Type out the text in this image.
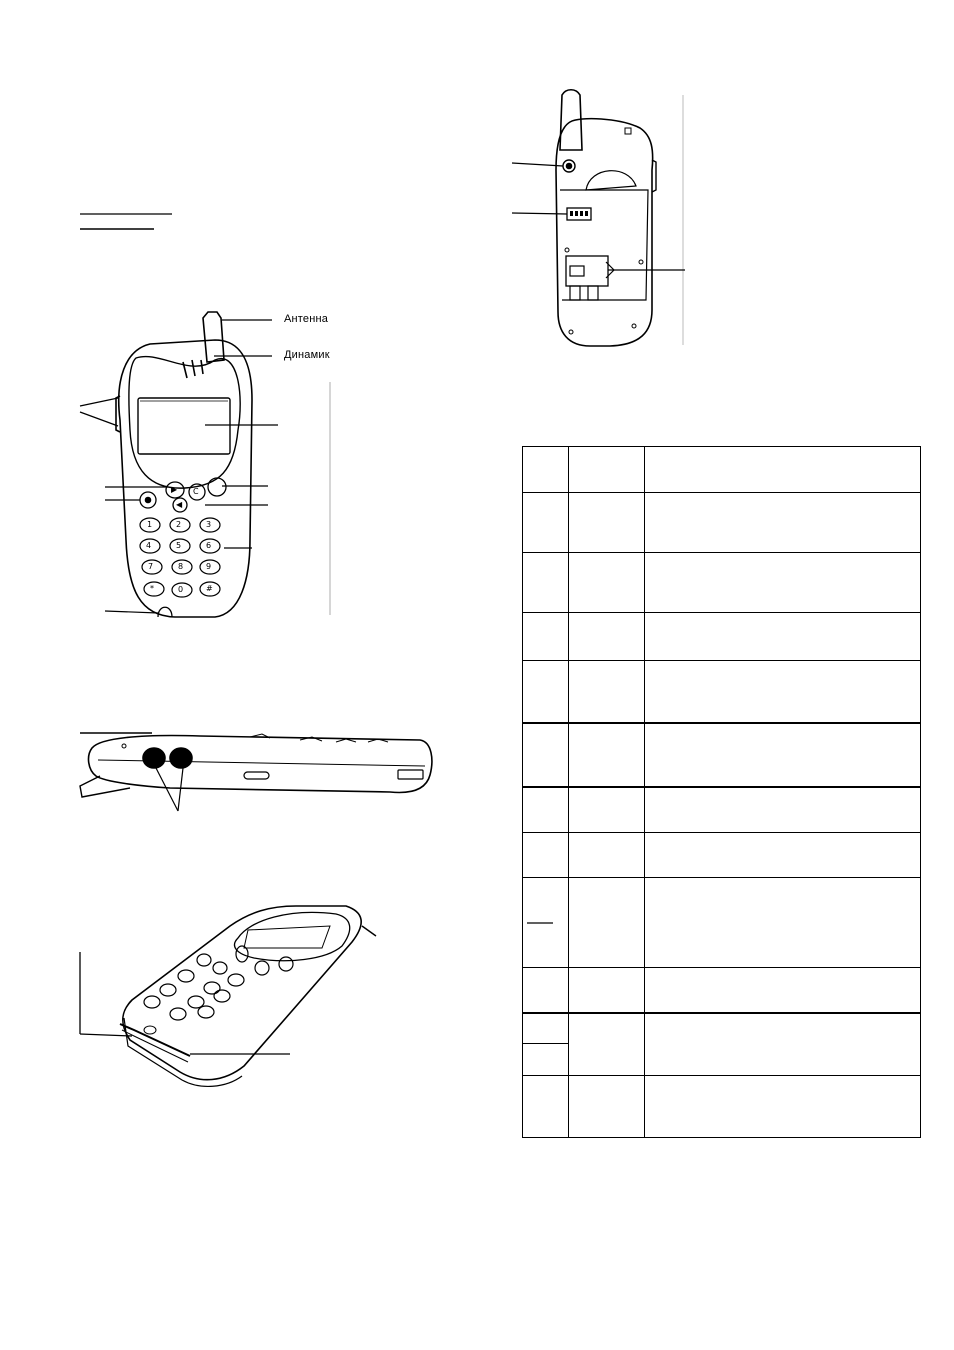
Антенна
Динамик
1	2	3
4	5	6
7	8	9
*	0	#
C
▶
◀
